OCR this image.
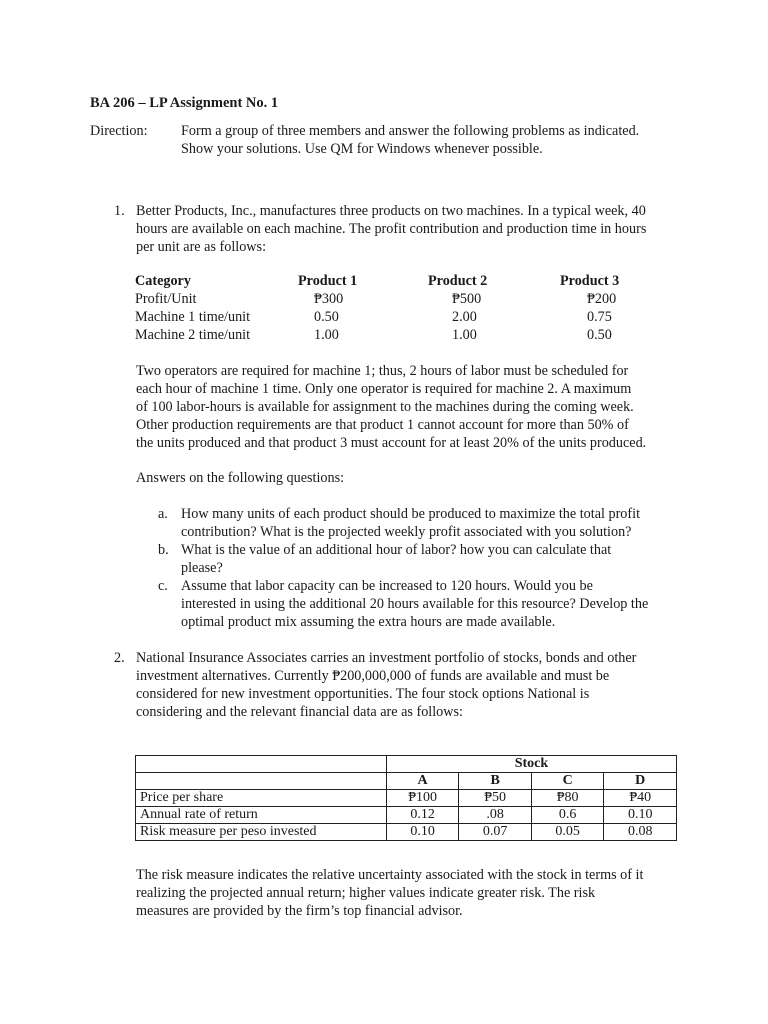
BA 206 – LP Assignment No. 1
Direction: Form a group of three members and answer the following problems as indicated.
Show your solutions. Use QM for Windows whenever possible.
1. Better Products, Inc., manufactures three products on two machines. In a typical week, 40
hours are available on each machine. The profit contribution and production time in hours
per unit are as follows:
Category	Product 1	Product 2	Product 3
Profit/Unit	₱300	₱500	₱200
Machine 1 time/unit	0.50	2.00	0.75
Machine 2 time/unit	1.00	1.00	0.50
Two operators are required for machine 1; thus, 2 hours of labor must be scheduled for
each hour of machine 1 time. Only one operator is required for machine 2. A maximum
of 100 labor-hours is available for assignment to the machines during the coming week.
Other production requirements are that product 1 cannot account for more than 50% of
the units produced and that product 3 must account for at least 20% of the units produced.
Answers on the following questions:
a. How many units of each product should be produced to maximize the total profit
contribution? What is the projected weekly profit associated with you solution?
b. What is the value of an additional hour of labor? how you can calculate that
please?
c. Assume that labor capacity can be increased to 120 hours. Would you be
interested in using the additional 20 hours available for this resource? Develop the
optimal product mix assuming the extra hours are made available.
2. National Insurance Associates carries an investment portfolio of stocks, bonds and other
investment alternatives. Currently ₱200,000,000 of funds are available and must be
considered for new investment opportunities. The four stock options National is
considering and the relevant financial data are as follows:
	Stock			
	A	B	C	D
Price per share	₱100	₱50	₱80	₱40
Annual rate of return	0.12	.08	0.6	0.10
Risk measure per peso invested	0.10	0.07	0.05	0.08
The risk measure indicates the relative uncertainty associated with the stock in terms of it
realizing the projected annual return; higher values indicate greater risk. The risk
measures are provided by the firm’s top financial advisor.
